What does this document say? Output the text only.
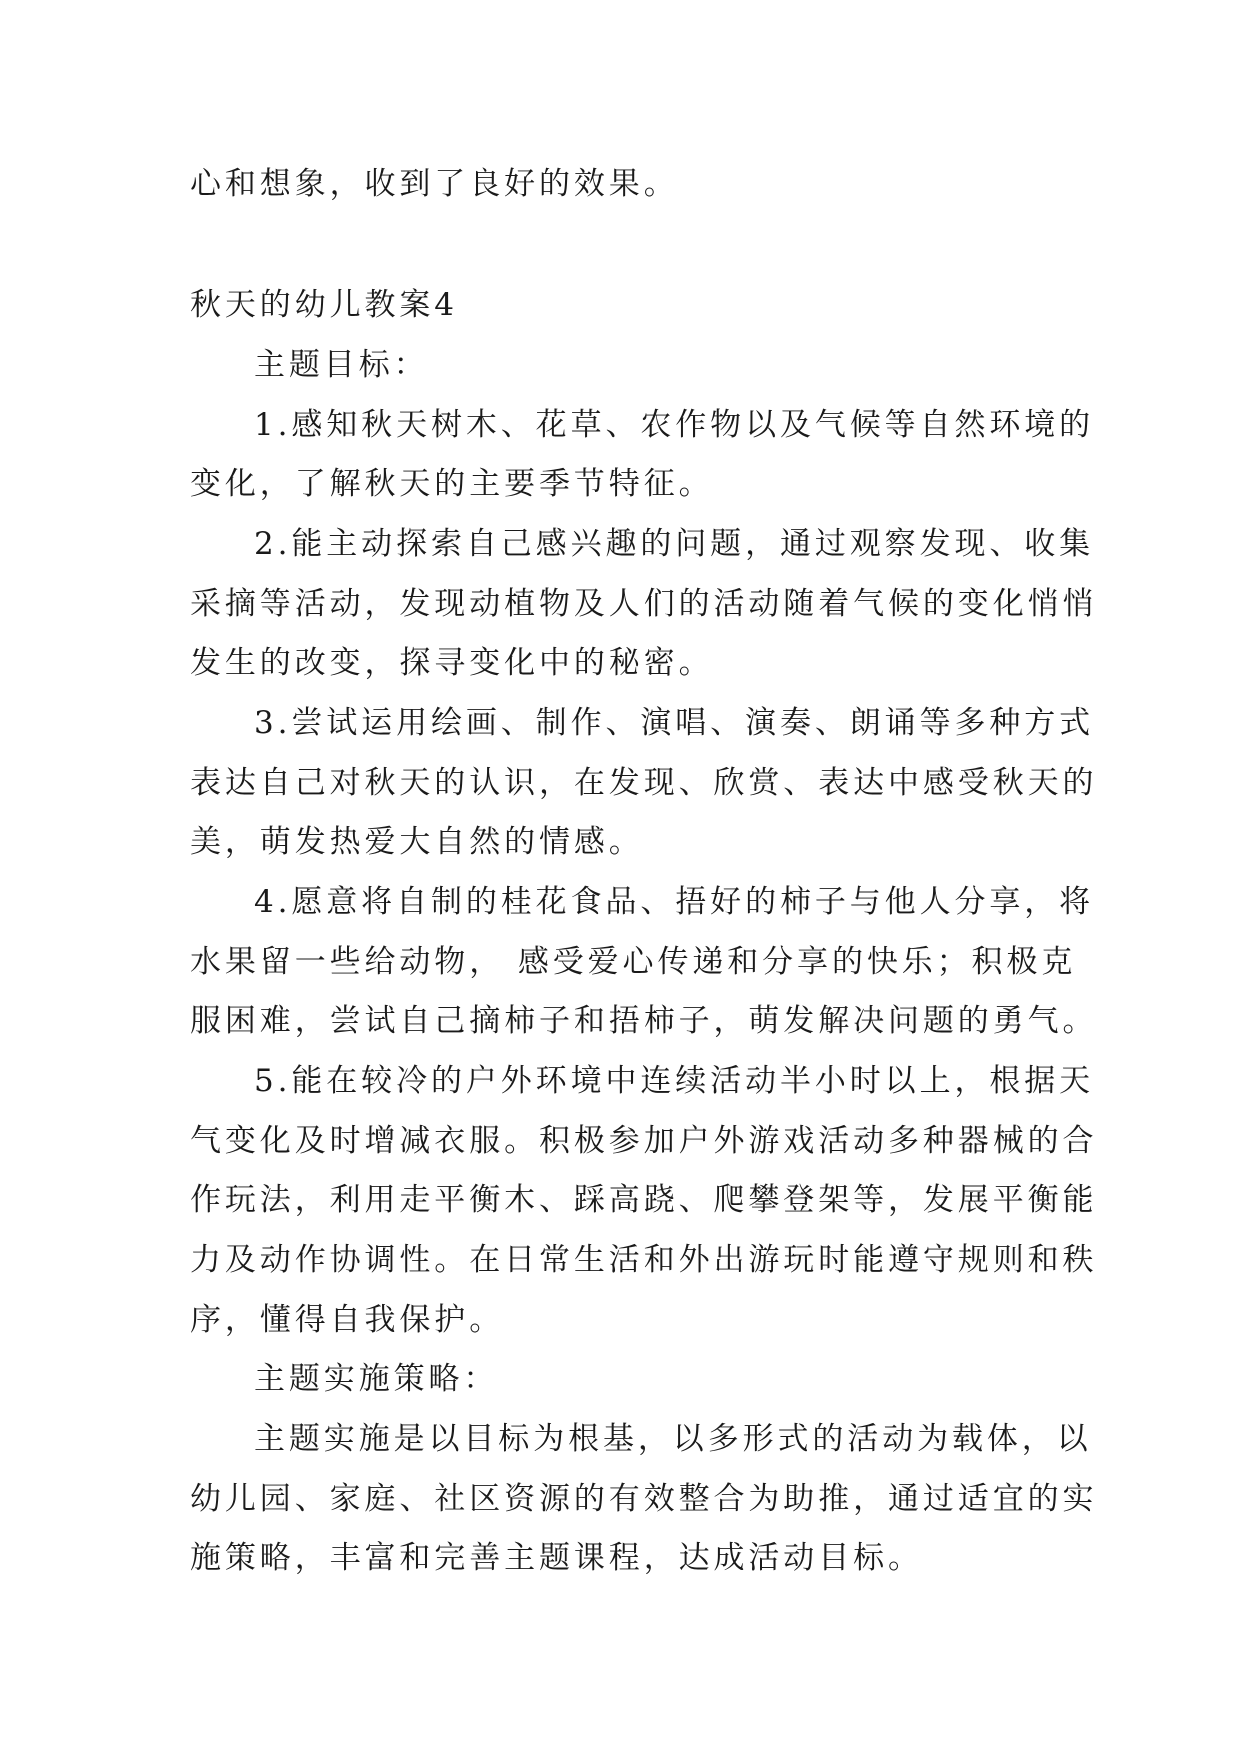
心和想象，收到了良好的效果。
秋天的幼儿教案4
主题目标：
1.感知秋天树木、花草、农作物以及气候等自然环境的
变化，了解秋天的主要季节特征。
2.能主动探索自己感兴趣的问题，通过观察发现、收集
采摘等活动，发现动植物及人们的活动随着气候的变化悄悄
发生的改变，探寻变化中的秘密。
3.尝试运用绘画、制作、演唱、演奏、朗诵等多种方式
表达自己对秋天的认识，在发现、欣赏、表达中感受秋天的
美，萌发热爱大自然的情感。
4.愿意将自制的桂花食品、捂好的柿子与他人分享，将
水果留一些给动物， 感受爱心传递和分享的快乐；积极克
服困难，尝试自己摘柿子和捂柿子，萌发解决问题的勇气。
5.能在较冷的户外环境中连续活动半小时以上，根据天
气变化及时增减衣服。积极参加户外游戏活动多种器械的合
作玩法，利用走平衡木、踩高跷、爬攀登架等，发展平衡能
力及动作协调性。在日常生活和外出游玩时能遵守规则和秩
序，懂得自我保护。
主题实施策略：
主题实施是以目标为根基，以多形式的活动为载体，以
幼儿园、家庭、社区资源的有效整合为助推，通过适宜的实
施策略，丰富和完善主题课程，达成活动目标。
